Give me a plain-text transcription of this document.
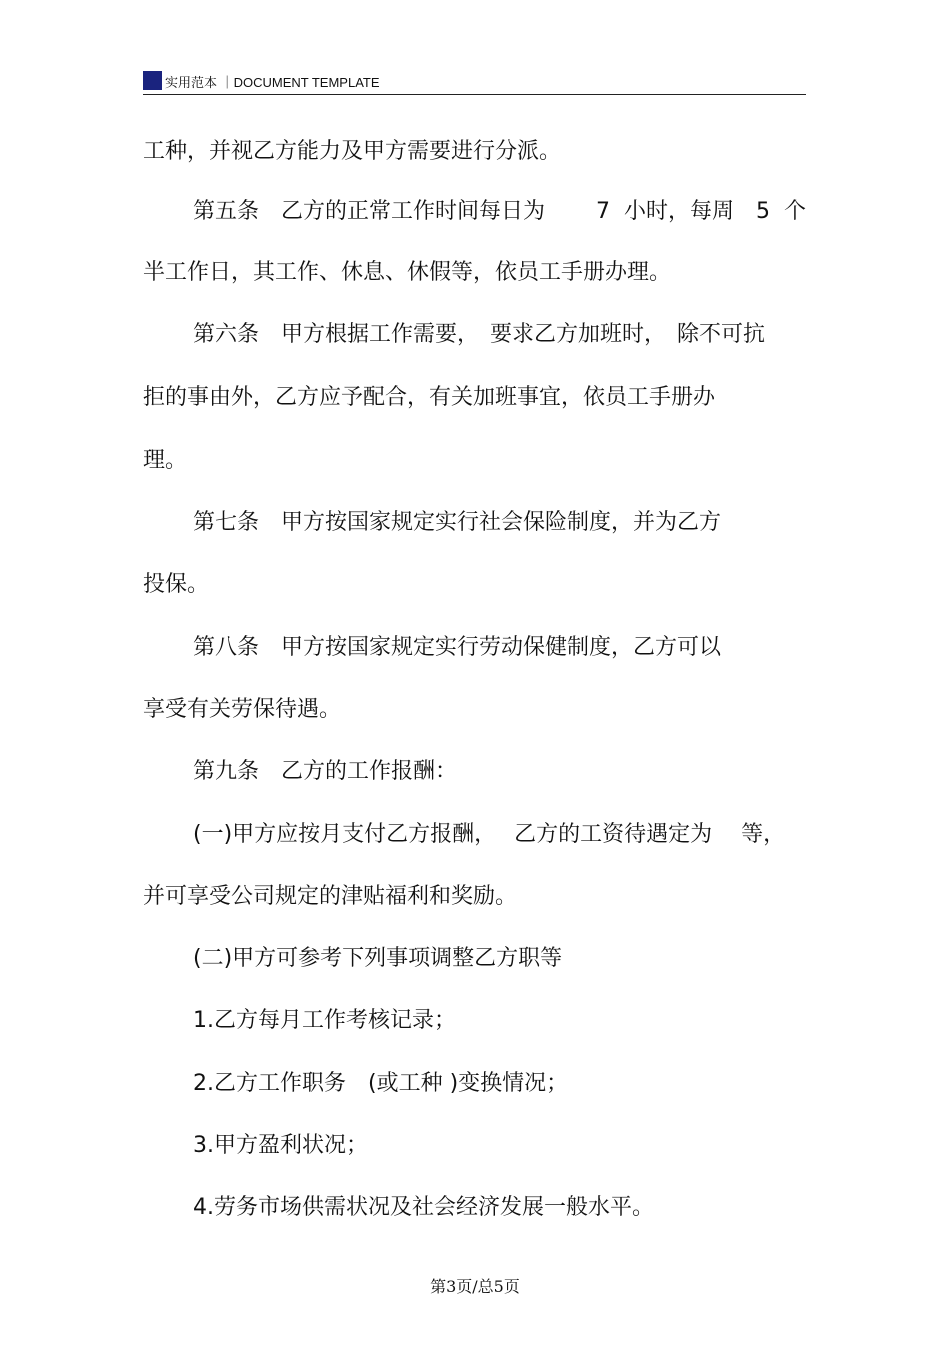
实用范本 ｜DOCUMENT TEMPLATE
工种，并视乙方能力及甲方需要进行分派。
第五条　乙方的正常工作时间每日为　　 7  小时，每周　5  个
半工作日，其工作、休息、休假等，依员工手册办理。
第六条　甲方根据工作需要，　要求乙方加班时，　除不可抗
拒的事由外，乙方应予配合，有关加班事宜，依员工手册办
理。
第七条　甲方按国家规定实行社会保险制度，并为乙方
投保。
第八条　甲方按国家规定实行劳动保健制度，乙方可以
享受有关劳保待遇。
第九条　乙方的工作报酬：
(一)甲方应按月支付乙方报酬，　 乙方的工资待遇定为　 等，
并可享受公司规定的津贴福利和奖励。
(二)甲方可参考下列事项调整乙方职等
1.乙方每月工作考核记录；
2.乙方工作职务　(或工种 )变换情况；
3.甲方盈利状况；
4.劳务市场供需状况及社会经济发展一般水平。
第3页/总5页
